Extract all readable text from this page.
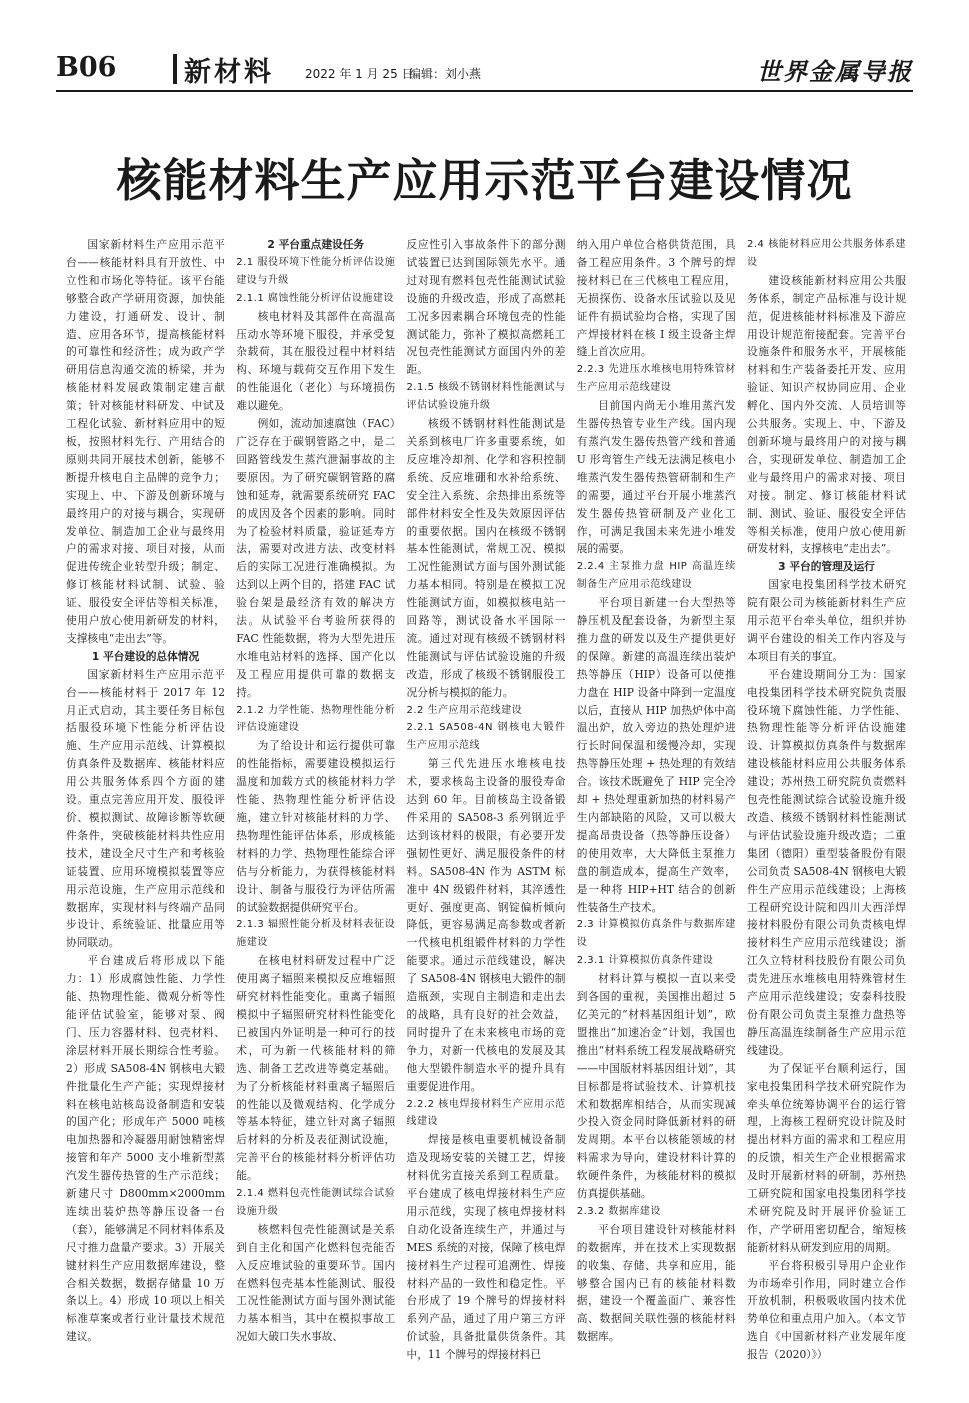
B06	新材料	2022 年 1 月 25 日
编辑：刘小燕	世界金属导报
核能材料生产应用示范平台建设情况

国家新材料生产应用示范平台——核能材料具有开放性、中立性和市场化等特征。该平台能够整合政产学研用资源，加快能力建设，打通研发、设计、制造、应用各环节，提高核能材料的可靠性和经济性；成为政产学研用信息沟通交流的桥梁，并为核能材料发展政策制定建言献策；针对核能材料研发、中试及工程化试验、新材料应用中的短板，按照材料先行、产用结合的原则共同开展技术创新，能够不断提升核电自主品牌的竞争力；实现上、中、下游及创新环境与最终用户的对接与耦合，实现研发单位、制造加工企业与最终用户的需求对接、项目对接，从而促进传统企业转型升级；制定、修订核能材料试制、试验、验证、服役安全评估等相关标准，使用户放心使用新研发的材料，支撑核电“走出去”等。

1 平台建设的总体情况

国家新材料生产应用示范平台——核能材料于 2017 年 12 月正式启动，其主要任务目标包括服役环境下性能分析评估设施、生产应用示范线、计算模拟仿真条件及数据库、核能材料应用公共服务体系四个方面的建设。重点完善应用开发、服役评价、模拟测试、故障诊断等软硬件条件，突破核能材料共性应用技术，建设全尺寸生产和考核验证装置、应用环境模拟装置等应用示范设施，生产应用示范线和数据库，实现材料与终端产品同步设计、系统验证、批量应用等协同联动。

平台建成后将形成以下能力：1）形成腐蚀性能、力学性能、热物理性能、微观分析等性能评估试验室，能够对泵、阀门、压力容器材料、包壳材料、涂层材料开展长期综合性考验。2）形成 SA508-4N 钢核电大锻件批量化生产产能；实现焊接材料在核电站核岛设备制造和安装的国产化；形成年产 5000 吨核电加热器和冷凝器用耐蚀精密焊接管和年产 5000 支小堆新型蒸汽发生器传热管的生产示范线；新建尺寸 D800mm×2000mm 连续出装炉热等静压设备一台（套），能够满足不同材料体系及尺寸推力盘量产要求。3）开展关键材料生产应用数据库建设，整合相关数据，数据存储量 10 万条以上。4）形成 10 项以上相关标准草案或者行业计量技术规范建议。

2 平台重点建设任务

2.1 服役环境下性能分析评估设施建设与升级

2.1.1 腐蚀性能分析评估设施建设

核电材料及其部件在高温高压动水等环境下服役，并承受复杂载荷，其在服役过程中材料结构、环境与载荷交互作用下发生的性能退化（老化）与环境损伤难以避免。

例如，流动加速腐蚀（FAC）广泛存在于碳钢管路之中，是二回路管线发生蒸汽泄漏事故的主要原因。为了研究碳钢管路的腐蚀和延寿，就需要系统研究 FAC 的成因及各个因素的影响。同时为了检验材料质量，验证延寿方法，需要对改进方法、改变材料后的实际工况进行准确模拟。为达到以上两个目的，搭建 FAC 试验台架是最经济有效的解决方法。从试验平台考验所获得的 FAC 性能数据，将为大型先进压水堆电站材料的选择、国产化以及工程应用提供可靠的数据支持。

2.1.2 力学性能、热物理性能分析评估设施建设

为了给设计和运行提供可靠的性能指标，需要建设模拟运行温度和加载方式的核能材料力学性能、热物理性能分析评估设施，建立针对核能材料的力学、热物理性能评估体系，形成核能材料的力学、热物理性能综合评估与分析能力，为获得核能材料设计、制备与服役行为评估所需的试验数据提供研究平台。

2.1.3 辐照性能分析及材料表征设施建设

在核电材料研发过程中广泛使用离子辐照来模拟反应堆辐照研究材料性能变化。重离子辐照模拟中子辐照研究材料性能变化已被国内外证明是一种可行的技术，可为新一代核能材料的筛选、制备工艺改进等奠定基础。为了分析核能材料重离子辐照后的性能以及微观结构、化学成分等基本特征，建立针对离子辐照后材料的分析及表征测试设施，完善平台的核能材料分析评估功能。

2.1.4 燃料包壳性能测试综合试验设施升级

核燃料包壳性能测试是关系到自主化和国产化燃料包壳能否入反应堆试验的重要环节。国内在燃料包壳基本性能测试、服役工况性能测试方面与国外测试能力基本相当，其中在模拟事故工况如大破口失水事故、

反应性引入事故条件下的部分测试装置已达到国际领先水平。通过对现有燃料包壳性能测试试验设施的升级改造，形成了高燃耗工况多因素耦合环境包壳的性能测试能力，弥补了模拟高燃耗工况包壳性能测试方面国内外的差距。

2.1.5 核级不锈钢材料性能测试与评估试验设施升级

核级不锈钢材料性能测试是关系到核电厂许多重要系统，如反应堆冷却剂、化学和容积控制系统、反应堆硼和水补给系统、安全注入系统、余热排出系统等部件材料安全性及失效原因评估的重要依据。国内在核级不锈钢基本性能测试，常规工况、模拟工况性能测试方面与国外测试能力基本相同。特别是在模拟工况性能测试方面，如模拟核电站一回路等，测试设备水平国际一流。通过对现有核级不锈钢材料性能测试与评估试验设施的升级改造，形成了核级不锈钢服役工况分析与模拟的能力。

2.2 生产应用示范线建设

2.2.1 SA508-4N 钢核电大锻件生产应用示范线

第三代先进压水堆核电技术，要求核岛主设备的服役寿命达到 60 年。目前核岛主设备锻件采用的 SA508-3 系列钢近乎达到该材料的极限，有必要开发强韧性更好、满足服役条件的材料。SA508-4N 作为 ASTM 标准中 4N 级锻件材料，其淬透性更好、强度更高、钢锭偏析倾向降低，更容易满足高参数或者新一代核电机组锻件材料的力学性能要求。通过示范线建设，解决了 SA508-4N 钢核电大锻件的制造瓶颈，实现自主制造和走出去的战略，具有良好的社会效益，同时提升了在未来核电市场的竞争力，对新一代核电的发展及其他大型锻件制造水平的提升具有重要促进作用。

2.2.2 核电焊接材料生产应用示范线建设

焊接是核电重要机械设备制造及现场安装的关键工艺，焊接材料优劣直接关系到工程质量。平台建成了核电焊接材料生产应用示范线，实现了核电焊接材料自动化设备连续生产，并通过与 MES 系统的对接，保障了核电焊接材料生产过程可追溯性、焊接材料产品的一致性和稳定性。平台形成了 19 个牌号的焊接材料系列产品，通过了用户第三方评价试验，具备批量供货条件。其中，11 个牌号的焊接材料已

纳入用户单位合格供货范围，具备工程应用条件。3 个牌号的焊接材料已在三代核电工程应用，无损探伤、设备水压试验以及见证件有损试验均合格，实现了国产焊接材料在核 I 级主设备主焊缝上首次应用。

2.2.3 先进压水堆核电用特殊管材生产应用示范线建设

目前国内尚无小堆用蒸汽发生器传热管专业生产线。国内现有蒸汽发生器传热管产线和普通 U 形弯管生产线无法满足核电小堆蒸汽发生器传热管研制和生产的需要，通过平台开展小堆蒸汽发生器传热管研制及产业化工作，可满足我国未来先进小堆发展的需要。

2.2.4 主泵推力盘 HIP 高温连续制备生产应用示范线建设

平台项目新建一台大型热等静压机及配套设备，为新型主泵推力盘的研发以及生产提供更好的保障。新建的高温连续出装炉热等静压（HIP）设备可以使推力盘在 HIP 设备中降到一定温度以后，直接从 HIP 加热炉体中高温出炉，放入旁边的热处理炉进行长时间保温和缓慢冷却，实现热等静压处理 + 热处理的有效结合。该技术既避免了 HIP 完全冷却 + 热处理重新加热的材料易产生内部缺陷的风险，又可以极大提高昂贵设备（热等静压设备）的使用效率，大大降低主泵推力盘的制造成本，提高生产效率，是一种将 HIP+HT 结合的创新性装备生产技术。

2.3 计算模拟仿真条件与数据库建设

2.3.1 计算模拟仿真条件建设

材料计算与模拟一直以来受到各国的重视，美国推出超过 5 亿美元的“材料基因组计划”，欧盟推出“加速冶金”计划，我国也推出“材料系统工程发展战略研究——中国版材料基因组计划”，其目标都是将试验技术、计算机技术和数据库相结合，从而实现减少投入资金同时降低新材料的研发周期。本平台以核能领域的材料需求为导向，建设材料计算的软硬件条件，为核能材料的模拟仿真提供基础。

2.3.2 数据库建设

平台项目建设针对核能材料的数据库，并在技术上实现数据的收集、存储、共享和应用，能够整合国内已有的核能材料数据，建设一个覆盖面广、兼容性高、数据间关联性强的核能材料数据库。

2.4 核能材料应用公共服务体系建设

建设核能新材料应用公共服务体系，制定产品标准与设计规范，促进核能材料标准及下游应用设计规范衔接配套。完善平台设施条件和服务水平，开展核能材料和生产装备委托开发、应用验证、知识产权协同应用、企业孵化、国内外交流、人员培训等公共服务。实现上、中、下游及创新环境与最终用户的对接与耦合，实现研发单位、制造加工企业与最终用户的需求对接、项目对接。制定、修订核能材料试制、测试、验证、服役安全评估等相关标准，使用户放心使用新研发材料，支撑核电“走出去”。

3 平台的管理及运行

国家电投集团科学技术研究院有限公司为核能新材料生产应用示范平台牵头单位，组织并协调平台建设的相关工作内容及与本项目有关的事宜。

平台建设期间分工为：国家电投集团科学技术研究院负责服役环境下腐蚀性能、力学性能、热物理性能等分析评估设施建设、计算模拟仿真条件与数据库建设核能材料应用公共服务体系建设；苏州热工研究院负责燃料包壳性能测试综合试验设施升级改造、核级不锈钢材料性能测试与评估试验设施升级改造；二重集团（德阳）重型装备股份有限公司负责 SA508-4N 钢核电大锻件生产应用示范线建设；上海核工程研究设计院和四川大西洋焊接材料股份有限公司负责核电焊接材料生产应用示范线建设；浙江久立特材科技股份有限公司负责先进压水堆核电用特殊管材生产应用示范线建设；安泰科技股份有限公司负责主泵推力盘热等静压高温连续制备生产应用示范线建设。

为了保证平台顺利运行，国家电投集团科学技术研究院作为牵头单位统筹协调平台的运行管理，上海核工程研究设计院及时提出材料方面的需求和工程应用的反馈，相关生产企业根据需求及时开展新材料的研制，苏州热工研究院和国家电投集团科学技术研究院及时开展评价验证工作，产学研用密切配合，缩短核能新材料从研发到应用的周期。

平台将积极引导用户企业作为市场牵引作用，同时建立合作开放机制，积极吸收国内技术优势单位和重点用户加入。（本文节选自《中国新材料产业发展年度报告（2020）》）
